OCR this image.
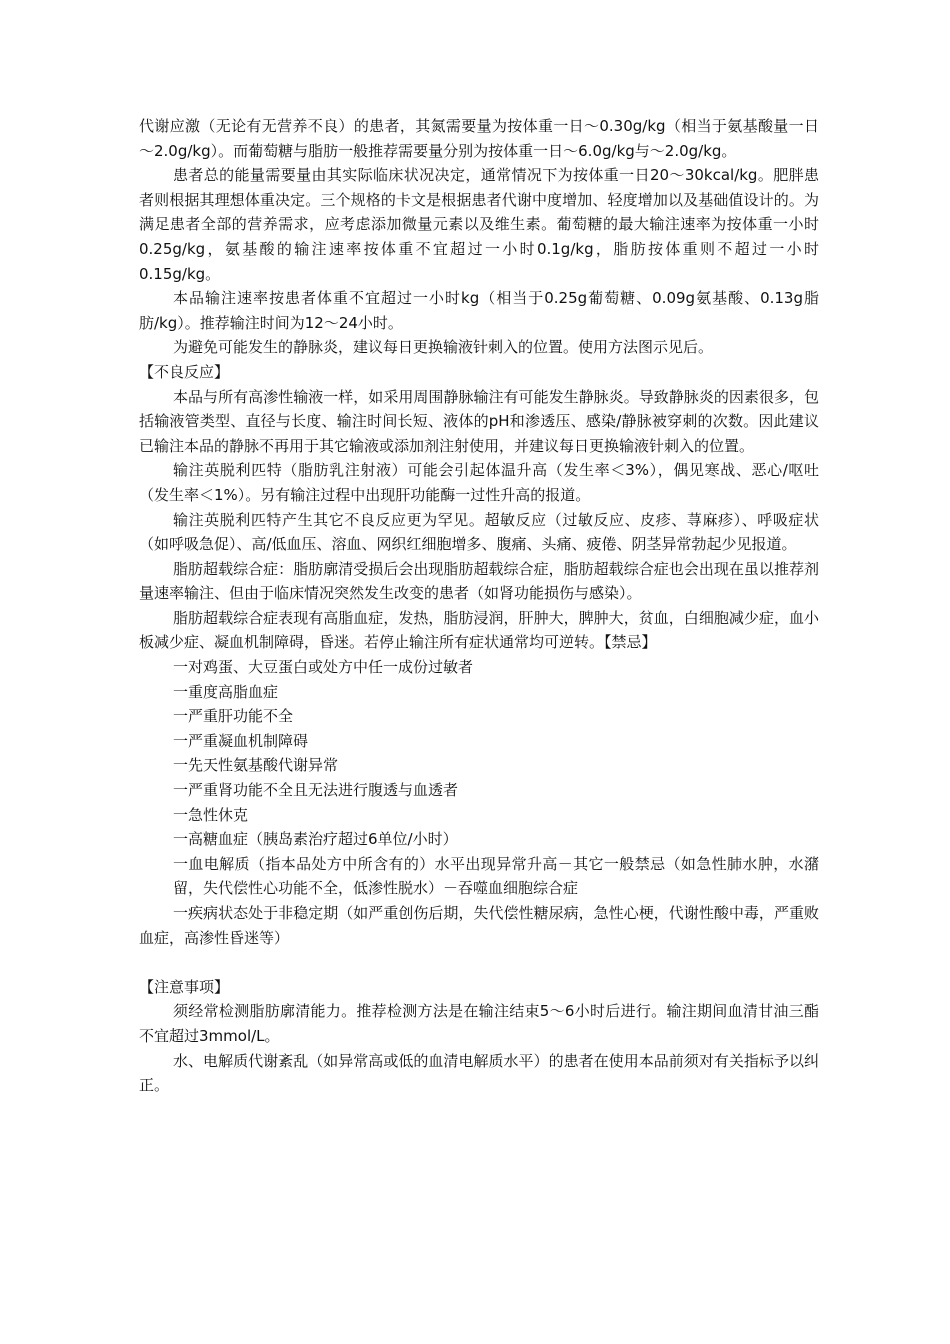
代谢应激（无论有无营养不良）的患者，其氮需要量为按体重一日～0.30g/kg（相当于氨基酸量一日～2.0g/kg）。而葡萄糖与脂肪一般推荐需要量分别为按体重一日～6.0g/kg与～2.0g/kg。

患者总的能量需要量由其实际临床状况决定，通常情况下为按体重一日20～30kcal/kg。肥胖患者则根据其理想体重决定。三个规格的卡文是根据患者代谢中度增加、轻度增加以及基础值设计的。为满足患者全部的营养需求，应考虑添加微量元素以及维生素。葡萄糖的最大输注速率为按体重一小时0.25g/kg，氨基酸的输注速率按体重不宜超过一小时0.1g/kg，脂肪按体重则不超过一小时0.15g/kg。

本品输注速率按患者体重不宜超过一小时kg（相当于0.25g葡萄糖、0.09g氨基酸、0.13g脂肪/kg）。推荐输注时间为12～24小时。

为避免可能发生的静脉炎，建议每日更换输液针刺入的位置。使用方法图示见后。

【不良反应】

本品与所有高渗性输液一样，如采用周围静脉输注有可能发生静脉炎。导致静脉炎的因素很多，包括输液管类型、直径与长度、输注时间长短、液体的pH和渗透压、感染/静脉被穿刺的次数。因此建议已输注本品的静脉不再用于其它输液或添加剂注射使用，并建议每日更换输液针刺入的位置。

输注英脱利匹特（脂肪乳注射液）可能会引起体温升高（发生率＜3%），偶见寒战、恶心/呕吐（发生率＜1%）。另有输注过程中出现肝功能酶一过性升高的报道。

输注英脱利匹特产生其它不良反应更为罕见。超敏反应（过敏反应、皮疹、荨麻疹）、呼吸症状（如呼吸急促）、高/低血压、溶血、网织红细胞增多、腹痛、头痛、疲倦、阴茎异常勃起少见报道。

脂肪超载综合症：脂肪廓清受损后会出现脂肪超载综合症，脂肪超载综合症也会出现在虽以推荐剂量速率输注、但由于临床情况突然发生改变的患者（如肾功能损伤与感染）。

脂肪超载综合症表现有高脂血症，发热，脂肪浸润，肝肿大，脾肿大，贫血，白细胞减少症，血小板减少症、凝血机制障碍，昏迷。若停止输注所有症状通常均可逆转。【禁忌】

一对鸡蛋、大豆蛋白或处方中任一成份过敏者

一重度高脂血症

一严重肝功能不全

一严重凝血机制障碍

一先天性氨基酸代谢异常

一严重肾功能不全且无法进行腹透与血透者

一急性休克

一高糖血症（胰岛素治疗超过6单位/小时）

一血电解质（指本品处方中所含有的）水平出现异常升高－其它一般禁忌（如急性肺水肿，水潴留，失代偿性心功能不全，低渗性脱水）－吞噬血细胞综合症

一疾病状态处于非稳定期（如严重创伤后期，失代偿性糖尿病，急性心梗，代谢性酸中毒，严重败血症，高渗性昏迷等）

【注意事项】

须经常检测脂肪廓清能力。推荐检测方法是在输注结束5～6小时后进行。输注期间血清甘油三酯不宜超过3mmol/L。

水、电解质代谢紊乱（如异常高或低的血清电解质水平）的患者在使用本品前须对有关指标予以纠正。
